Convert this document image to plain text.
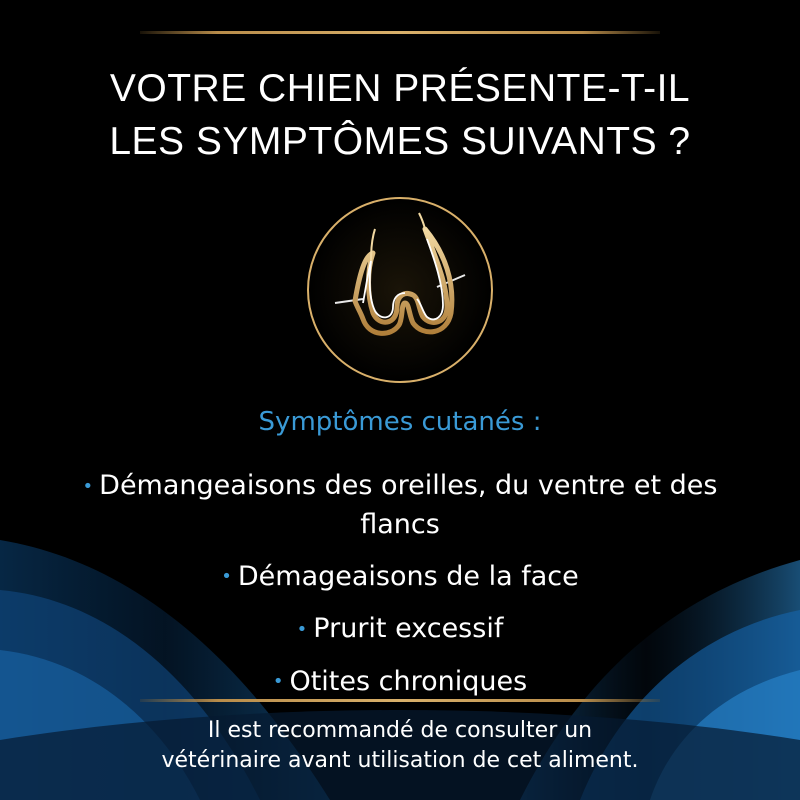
VOTRE CHIEN PRÉSENTE-T-IL
LES SYMPTÔMES SUIVANTS ?
Symptômes cutanés :
• Démangeaisons des oreilles, du ventre et des flancs
• Démageaisons de la face
• Prurit excessif
• Otites chroniques
Il est recommandé de consulter un
vétérinaire avant utilisation de cet aliment.
